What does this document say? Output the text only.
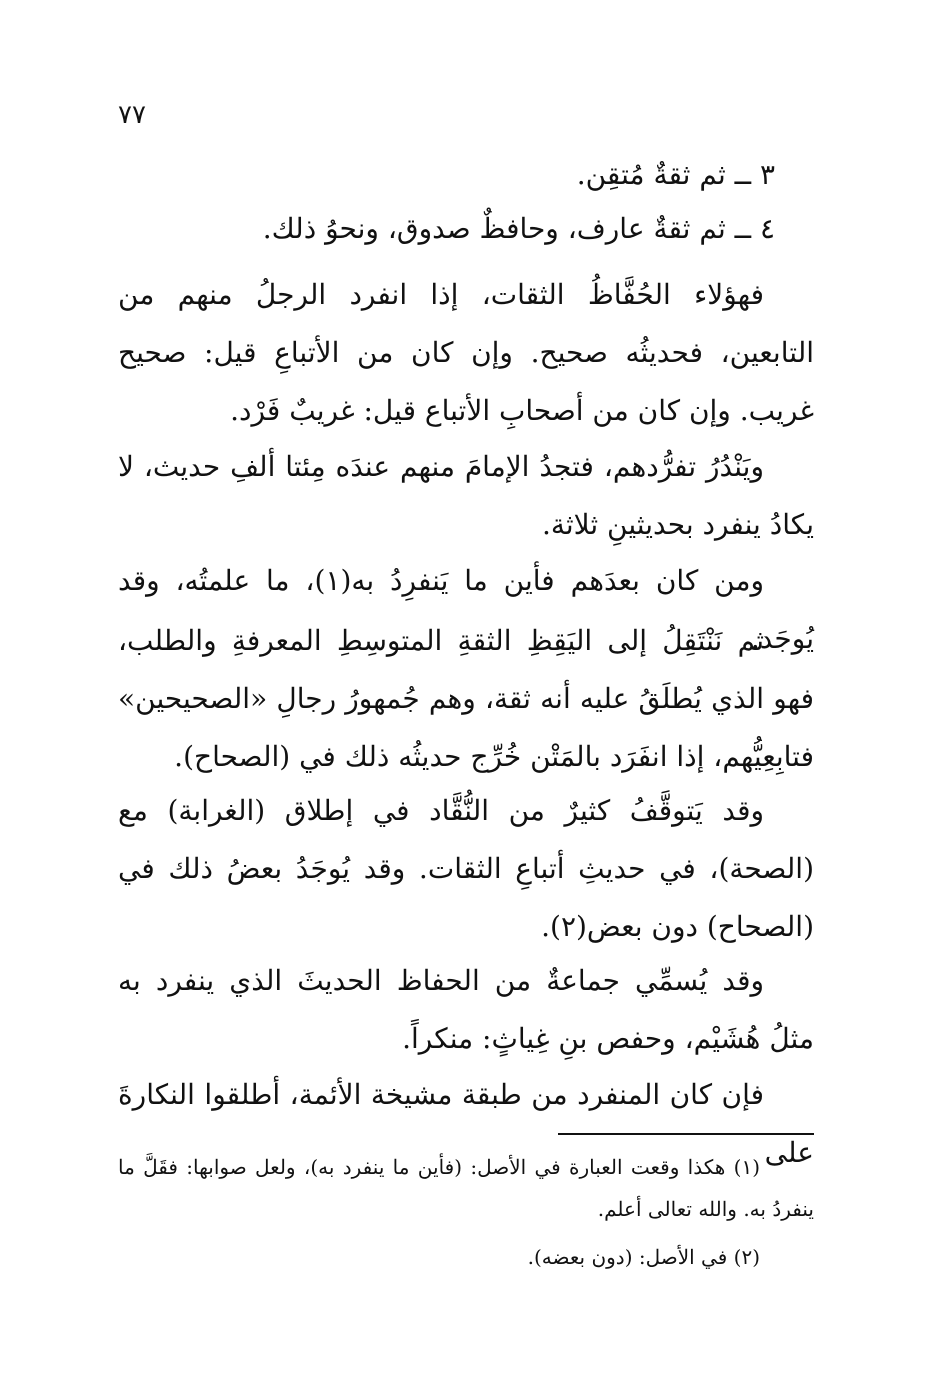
٧٧
٣ ــ ثم ثقةٌ مُتقِن.
٤ ــ ثم ثقةٌ عارف، وحافظٌ صدوق، ونحوُ ذلك.
فهؤلاء الحُفَّاظُ الثقات، إذا انفرد الرجلُ منهم من التابعين، فحديثُه صحيح. وإن كان من الأتباعِ قيل: صحيح غريب. وإن كان من أصحابِ الأتباع قيل: غريبٌ فَرْد.
ويَنْدُرُ تفرُّدهم، فتجدُ الإمامَ منهم عندَه مِئتا ألفِ حديث، لا يكادُ ينفرد بحديثينِ ثلاثة.
ومن كان بعدَهم فأين ما يَنفرِدُ به(١)، ما علمتُه، وقد يُوجَد.
ثم نَنْتَقِلُ إلى اليَقِظِ الثقةِ المتوسِطِ المعرفةِ والطلب، فهو الذي يُطلَقُ عليه أنه ثقة، وهم جُمهورُ رجالِ «الصحيحين» فتابِعِيُّهم، إذا انفَرَد بالمَتْن خُرِّج حديثُه ذلك في (الصحاح).
وقد يَتوقَّفُ كثيرٌ من النُّقَّاد في إطلاق (الغرابة) مع (الصحة)، في حديثِ أتباعِ الثقات. وقد يُوجَدُ بعضُ ذلك في (الصحاح) دون بعض(٢).
وقد يُسمِّي جماعةٌ من الحفاظ الحديثَ الذي ينفرد به مثلُ هُشَيْم، وحفص بنِ غِياثٍ: منكراً.
فإن كان المنفرد من طبقة مشيخة الأئمة، أطلقوا النكارةَ على
(١) هكذا وقعت العبارة في الأصل: (فأين ما ينفرد به)، ولعل صوابها: فقَلَّ ما ينفردُ به. والله تعالى أعلم.
(٢) في الأصل: (دون بعضه).
